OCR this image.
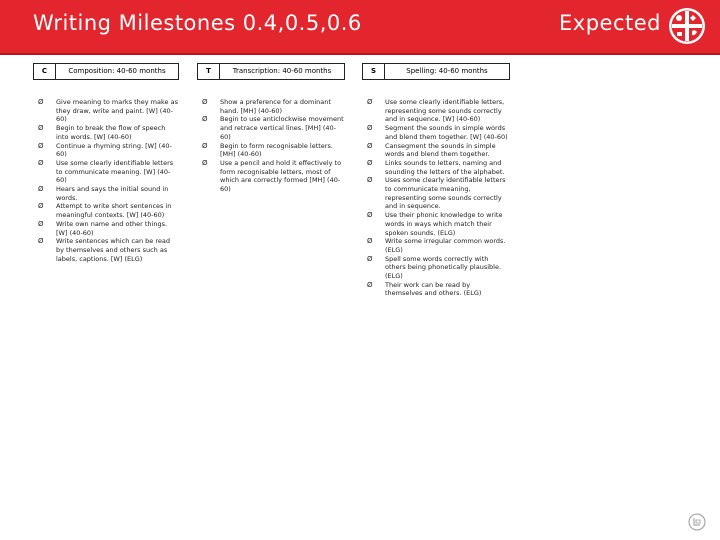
Writing Milestones 0.4,0.5,0.6	Expected
C	Composition: 40-60 months
Ø Give meaning to marks they make as they draw, write and paint. [W] (40-60)
Ø Begin to break the flow of speech into words. [W] (40-60)
Ø Continue a rhyming string. [W] (40-60)
Ø Use some clearly identifiable letters to communicate meaning. [W] (40-60)
Ø Hears and says the initial sound in words.
Ø Attempt to write short sentences in meaningful contexts. [W] (40-60)
Ø Write own name and other things. [W] (40-60)
Ø Write sentences which can be read by themselves and others such as labels, captions. [W] (ELG)
T	Transcription: 40-60 months
Ø Show a preference for a dominant hand. [MH] (40-60)
Ø Begin to use anticlockwise movement and retrace vertical lines. [MH] (40-60)
Ø Begin to form recognisable letters. [MH] (40-60)
Ø Use a pencil and hold it effectively to form recognisable letters, most of which are correctly formed [MH] (40-60)
S	Spelling: 40-60 months
Ø Use some clearly identifiable letters, representing some sounds correctly and in sequence. [W] (40-60)
Ø Segment the sounds in simple words and blend them together. [W] (40-60)
Ø Cansegment the sounds in simple words and blend them together.
Ø Links sounds to letters, naming and sounding the letters of the alphabet.
Ø Uses some clearly identifiable letters to communicate meaning, representing some sounds correctly and in sequence.
Ø Use their phonic knowledge to write words in ways which match their spoken sounds. (ELG)
Ø Write some irregular common words. (ELG)
Ø Spell some words correctly with others being phonetically plausible. (ELG)
Ø Their work can be read by themselves and others. (ELG)
